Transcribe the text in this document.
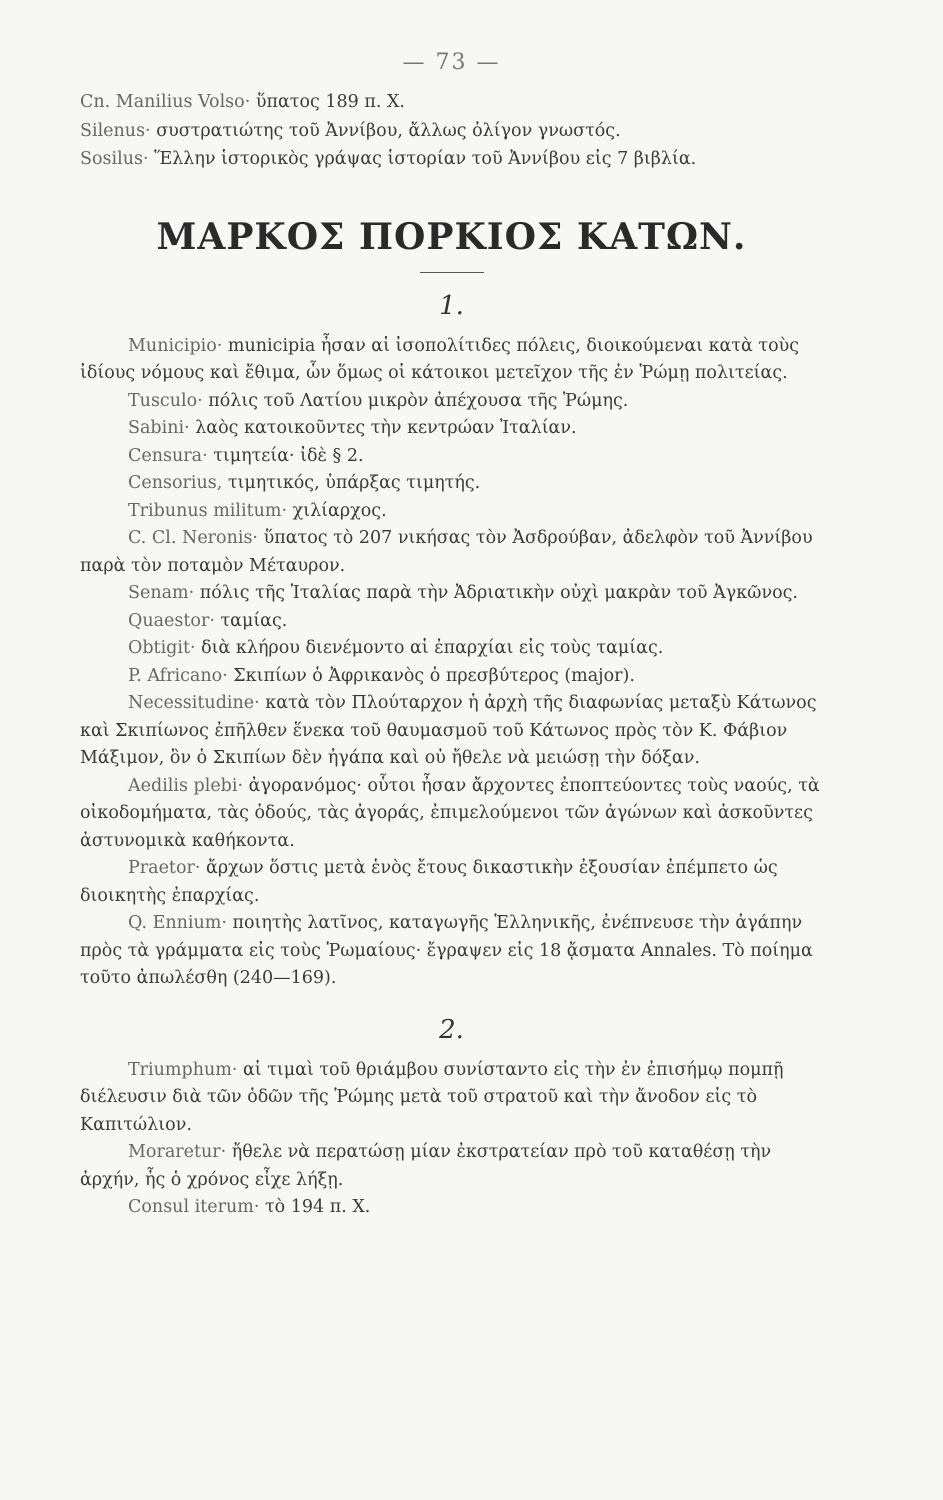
— 73 —

Cn. Manilius Volso· ὕπατος 189 π. Χ.

Silenus· συστρατιώτης τοῦ Ἀννίβου, ἄλλως ὀλίγον γνωστός.

Sosilus· Ἕλλην ἱστορικὸς γράψας ἱστορίαν τοῦ Ἀννίβου εἰς 7 βιβλία.

ΜΑΡΚΟΣ ΠΟΡΚΙΟΣ ΚΑΤΩΝ.
1.

Municipio· municipia ἦσαν αἱ ἰσοπολίτιδες πόλεις, διοικούμεναι κατὰ τοὺς ἰδίους νόμους καὶ ἔθιμα, ὧν ὅμως οἱ κάτοικοι μετεῖχον τῆς ἐν Ῥώμῃ πολιτείας.

Tusculo· πόλις τοῦ Λατίου μικρὸν ἀπέχουσα τῆς Ῥώμης.

Sabini· λαὸς κατοικοῦντες τὴν κεντρώαν Ἰταλίαν.

Censura· τιμητεία· ἰδὲ § 2.

Censorius, τιμητικός, ὑπάρξας τιμητής.

Tribunus militum· χιλίαρχος.

C. Cl. Neronis· ὕπατος τὸ 207 νικήσας τὸν Ἀσδρούβαν, ἀδελφὸν τοῦ Ἀννίβου παρὰ τὸν ποταμὸν Μέταυρον.

Senam· πόλις τῆς Ἰταλίας παρὰ τὴν Ἀδριατικὴν οὐχὶ μακρὰν τοῦ Ἀγκῶνος.

Quaestor· ταμίας.

Obtigit· διὰ κλήρου διενέμοντο αἱ ἐπαρχίαι εἰς τοὺς ταμίας.

P. Africano· Σκιπίων ὁ Ἀφρικανὸς ὁ πρεσβύτερος (major).

Necessitudine· κατὰ τὸν Πλούταρχον ἡ ἀρχὴ τῆς διαφωνίας μεταξὺ Κάτωνος καὶ Σκιπίωνος ἐπῆλθεν ἕνεκα τοῦ θαυμασμοῦ τοῦ Κάτωνος πρὸς τὸν Κ. Φάβιον Μάξιμον, ὃν ὁ Σκιπίων δὲν ἠγάπα καὶ οὐ ἤθελε νὰ μειώσῃ τὴν δόξαν.

Aedilis plebi· ἀγορανόμος· οὗτοι ἦσαν ἄρχοντες ἐποπτεύοντες τοὺς ναούς, τὰ οἰκοδομήματα, τὰς ὁδούς, τὰς ἀγοράς, ἐπιμελούμενοι τῶν ἀγώνων καὶ ἀσκοῦντες ἀστυνομικὰ καθήκοντα.

Praetor· ἄρχων ὅστις μετὰ ἑνὸς ἔτους δικαστικὴν ἐξουσίαν ἐπέμπετο ὡς διοικητὴς ἐπαρχίας.

Q. Ennium· ποιητὴς λατῖνος, καταγωγῆς Ἑλληνικῆς, ἐνέπνευσε τὴν ἀγάπην πρὸς τὰ γράμματα εἰς τοὺς Ῥωμαίους· ἔγραψεν εἰς 18 ᾄσματα Annales. Τὸ ποίημα τοῦτο ἀπωλέσθη (240—169).

2.

Triumphum· αἱ τιμαὶ τοῦ θριάμβου συνίσταντο εἰς τὴν ἐν ἐπισήμῳ πομπῇ διέλευσιν διὰ τῶν ὁδῶν τῆς Ῥώμης μετὰ τοῦ στρατοῦ καὶ τὴν ἄνοδον εἰς τὸ Καπιτώλιον.

Moraretur· ἤθελε νὰ περατώσῃ μίαν ἐκστρατείαν πρὸ τοῦ καταθέσῃ τὴν ἀρχήν, ἧς ὁ χρόνος εἶχε λήξῃ.

Consul iterum· τὸ 194 π. Χ.
